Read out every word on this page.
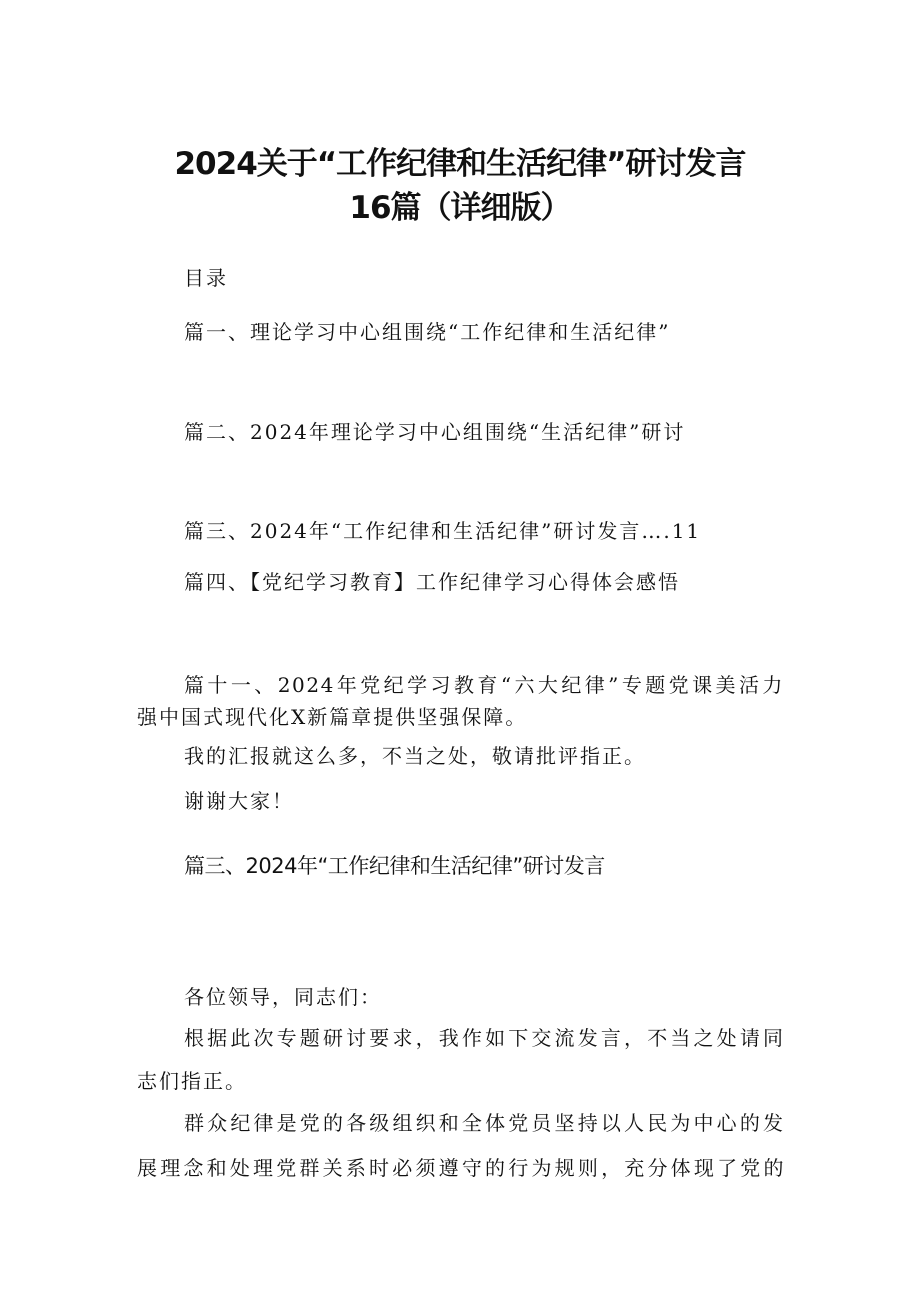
2024关于“工作纪律和生活纪律”研讨发言
16篇（详细版）
目录
篇一、理论学习中心组围绕“工作纪律和生活纪律”
篇二、2024年理论学习中心组围绕“生活纪律”研讨
篇三、2024年“工作纪律和生活纪律”研讨发言….11
篇四、【党纪学习教育】工作纪律学习心得体会感悟
篇十一、2024年党纪学习教育“六大纪律”专题党课美活力
强中国式现代化X新篇章提供坚强保障。
我的汇报就这么多，不当之处，敬请批评指正。
谢谢大家！
篇三、2024年“工作纪律和生活纪律”研讨发言
各位领导，同志们：
根据此次专题研讨要求，我作如下交流发言，不当之处请同
志们指正。
群众纪律是党的各级组织和全体党员坚持以人民为中心的发
展理念和处理党群关系时必须遵守的行为规则，充分体现了党的
